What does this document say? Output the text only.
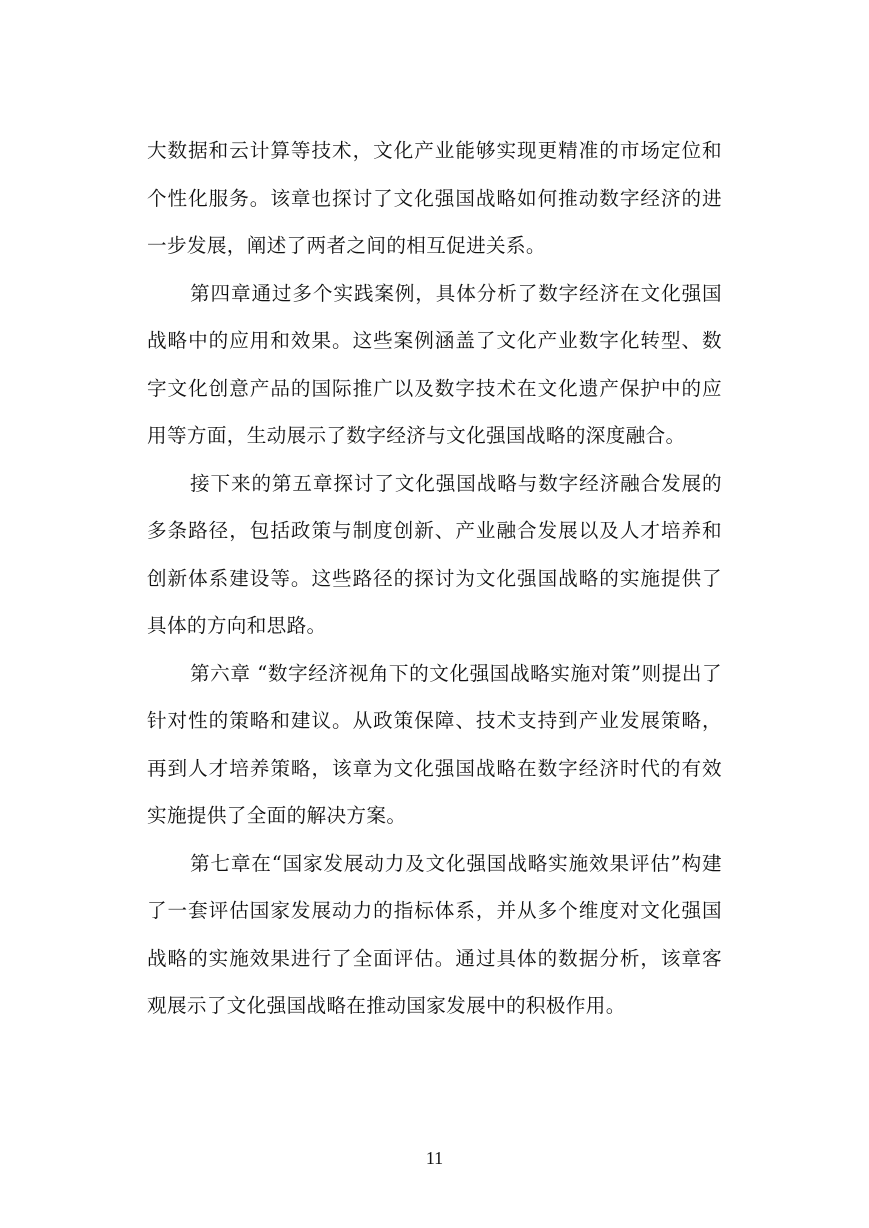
大数据和云计算等技术，文化产业能够实现更精准的市场定位和
个性化服务。该章也探讨了文化强国战略如何推动数字经济的进
一步发展，阐述了两者之间的相互促进关系。
第四章通过多个实践案例，具体分析了数字经济在文化强国
战略中的应用和效果。这些案例涵盖了文化产业数字化转型、数
字文化创意产品的国际推广以及数字技术在文化遗产保护中的应
用等方面，生动展示了数字经济与文化强国战略的深度融合。
接下来的第五章探讨了文化强国战略与数字经济融合发展的
多条路径，包括政策与制度创新、产业融合发展以及人才培养和
创新体系建设等。这些路径的探讨为文化强国战略的实施提供了
具体的方向和思路。
第六章 “数字经济视角下的文化强国战略实施对策”则提出了
针对性的策略和建议。从政策保障、技术支持到产业发展策略，
再到人才培养策略，该章为文化强国战略在数字经济时代的有效
实施提供了全面的解决方案。
第七章在“国家发展动力及文化强国战略实施效果评估”构建
了一套评估国家发展动力的指标体系，并从多个维度对文化强国
战略的实施效果进行了全面评估。通过具体的数据分析，该章客
观展示了文化强国战略在推动国家发展中的积极作用。
11
